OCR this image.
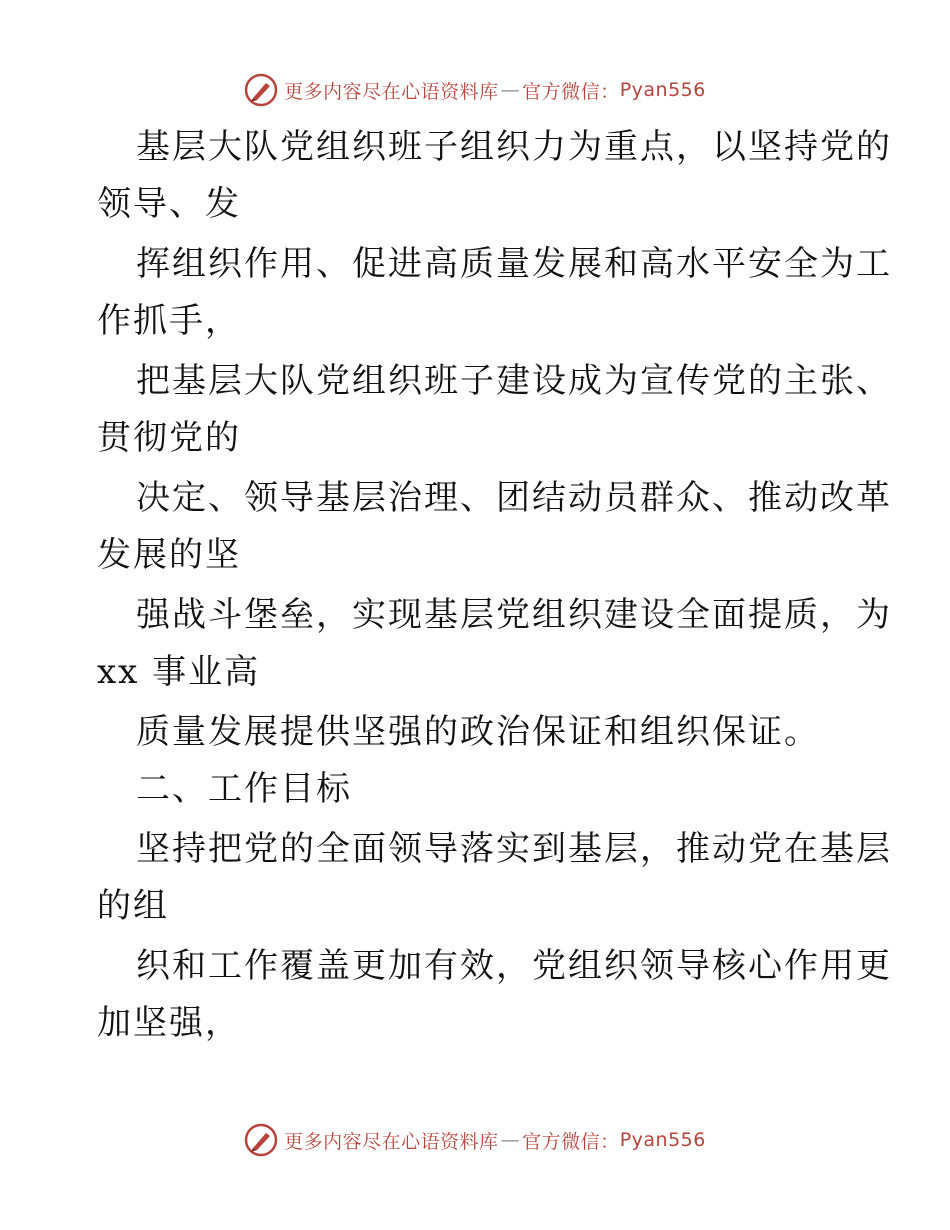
更多内容尽在心语资料库 — 官方微信： Pyan556
基层大队党组织班子组织力为重点，以坚持党的
领导、发
挥组织作用、促进高质量发展和高水平安全为工
作抓手，
把基层大队党组织班子建设成为宣传党的主张、
贯彻党的
决定、领导基层治理、团结动员群众、推动改革
发展的坚
强战斗堡垒，实现基层党组织建设全面提质，为
xx 事业高
质量发展提供坚强的政治保证和组织保证。
二、工作目标
坚持把党的全面领导落实到基层，推动党在基层
的组
织和工作覆盖更加有效，党组织领导核心作用更
加坚强，
更多内容尽在心语资料库 — 官方微信： Pyan556
